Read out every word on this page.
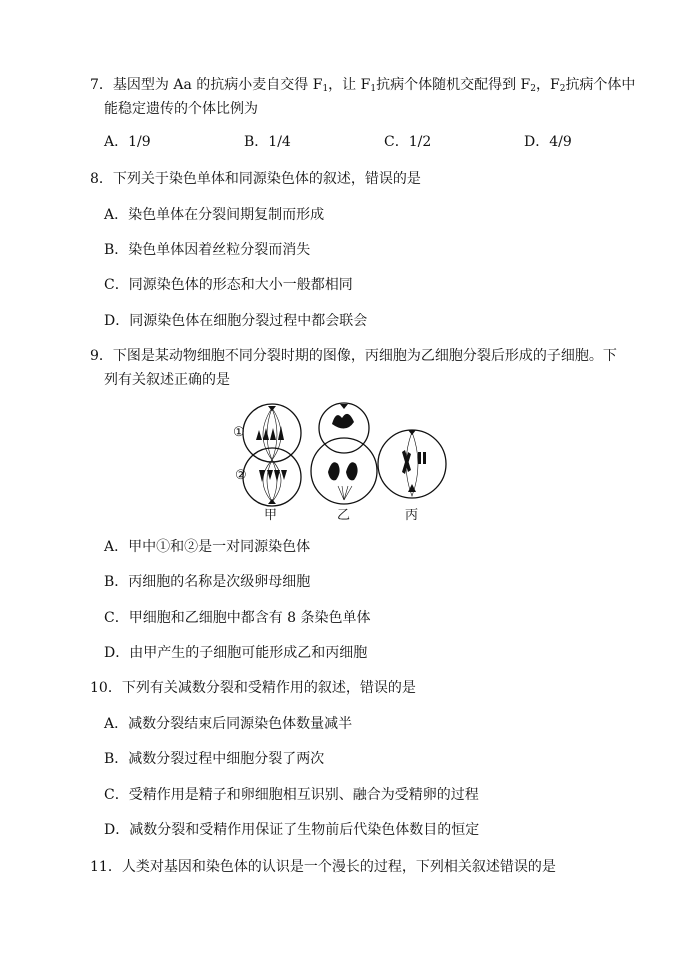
7．基因型为 Aa 的抗病小麦自交得 $F_1$，让 $F_1$抗病个体随机交配得到 $F_2$，$F_2$抗病个体中
能稳定遗传的个体比例为
A．1/9	B．1/4	C．1/2	D．4/9
8．下列关于染色单体和同源染色体的叙述，错误的是
A．染色单体在分裂间期复制而形成
B．染色单体因着丝粒分裂而消失
C．同源染色体的形态和大小一般都相同
D．同源染色体在细胞分裂过程中都会联会
9．下图是某动物细胞不同分裂时期的图像，丙细胞为乙细胞分裂后形成的子细胞。下
列有关叙述正确的是
①
②
甲	乙	丙
A．甲中①和②是一对同源染色体
B．丙细胞的名称是次级卵母细胞
C．甲细胞和乙细胞中都含有 8 条染色单体
D．由甲产生的子细胞可能形成乙和丙细胞
10．下列有关减数分裂和受精作用的叙述，错误的是
A．减数分裂结束后同源染色体数量减半
B．减数分裂过程中细胞分裂了两次
C．受精作用是精子和卵细胞相互识别、融合为受精卵的过程
D．减数分裂和受精作用保证了生物前后代染色体数目的恒定
11．人类对基因和染色体的认识是一个漫长的过程，下列相关叙述错误的是
